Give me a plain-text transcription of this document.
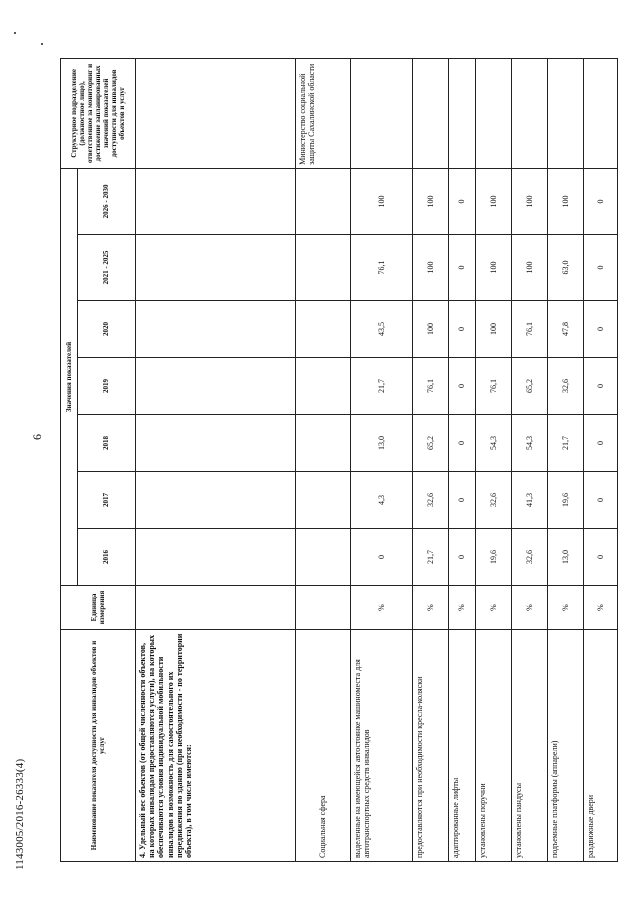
6
1143005/2016-26333(4)	Наименование показателя доступности для инвалидов объектов и услуг	Единица измерения	Значения показателей							Структурное подразделение (должностное лицо), ответственное за мониторинг и достижение запланированных значений показателей доступности для инвалидов объектов и услуг
		2016	2017	2018	2019	2020	2021 - 2025	2026 - 2030	
4. Удельный вес объектов (от общей численности объектов, на которых инвалидам предоставляются услуги), на которых обеспечиваются условия индивидуальной мобильности инвалидов и возможность для самостоятельного их передвижения по зданию (при необходимости - по территории объекта), в том числе имеются:									
Социальная сфера									Министерство социальной защиты Сахалинской области
выделенные на имеющейся автостоянке машиноместа для автотранспортных средств инвалидов	%	0	4,3	13,0	21,7	43,5	76,1	100	
предоставляются при необходимости кресла-коляски	%	21,7	32,6	65,2	76,1	100	100	100	
адаптированные лифты	%	0	0	0	0	0	0	0	
установлены поручни	%	19,6	32,6	54,3	76,1	100	100	100	
установлены пандусы	%	32,6	41,3	54,3	65,2	76,1	100	100	
подъемные платформы (аппарели)	%	13,0	19,6	21,7	32,6	47,8	63,0	100	
раздвижные двери	%	0	0	0	0	0	0	0	
